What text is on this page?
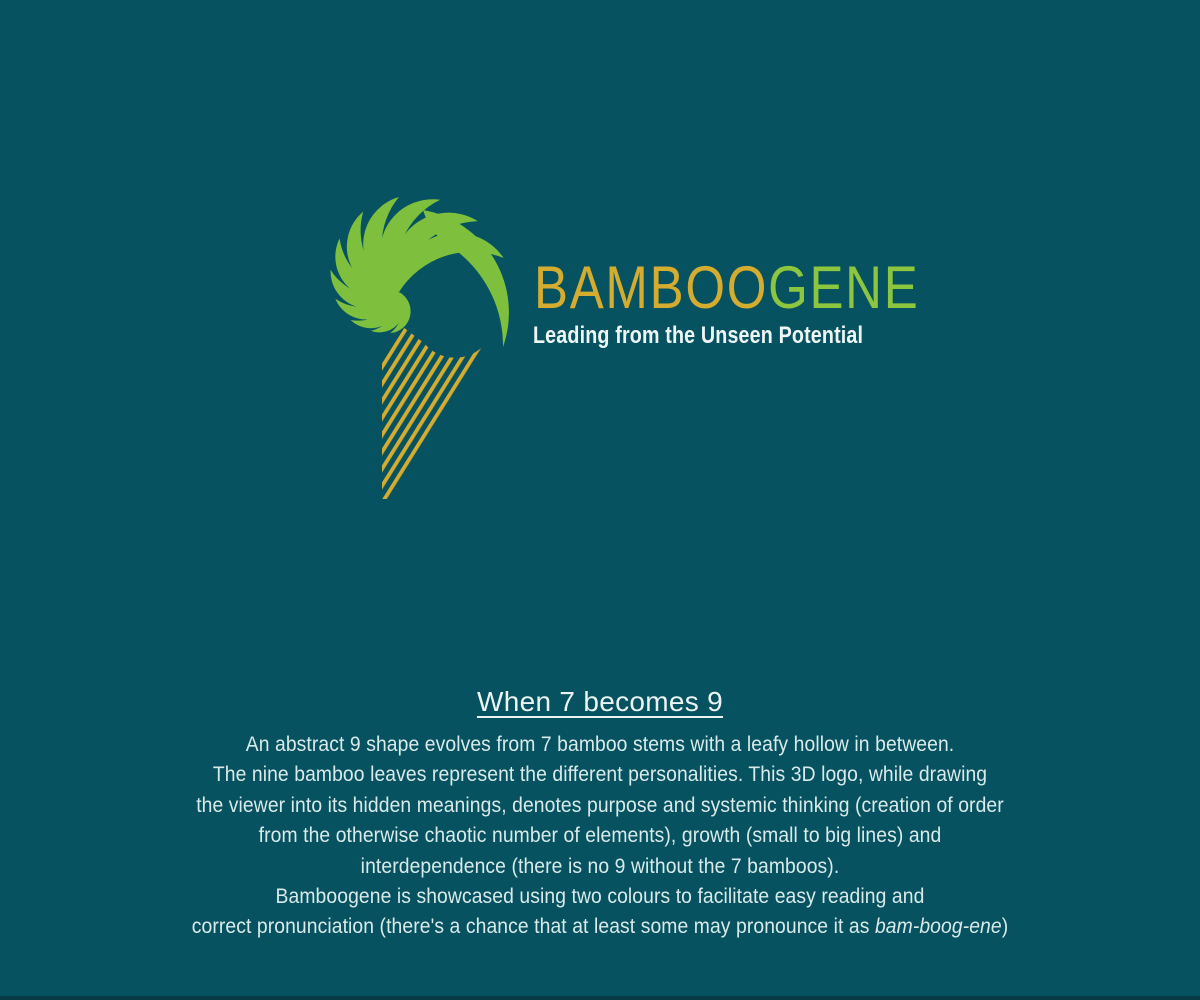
BAMBOOGENE
Leading from the Unseen Potential
When 7 becomes 9
An abstract 9 shape evolves from 7 bamboo stems with a leafy hollow in between.
The nine bamboo leaves represent the different personalities. This 3D logo, while drawing
the viewer into its hidden meanings, denotes purpose and systemic thinking (creation of order
from the otherwise chaotic number of elements), growth (small to big lines) and
interdependence (there is no 9 without the 7 bamboos).
Bamboogene is showcased using two colours to facilitate easy reading and
correct pronunciation (there's a chance that at least some may pronounce it as bam-boog-ene)
